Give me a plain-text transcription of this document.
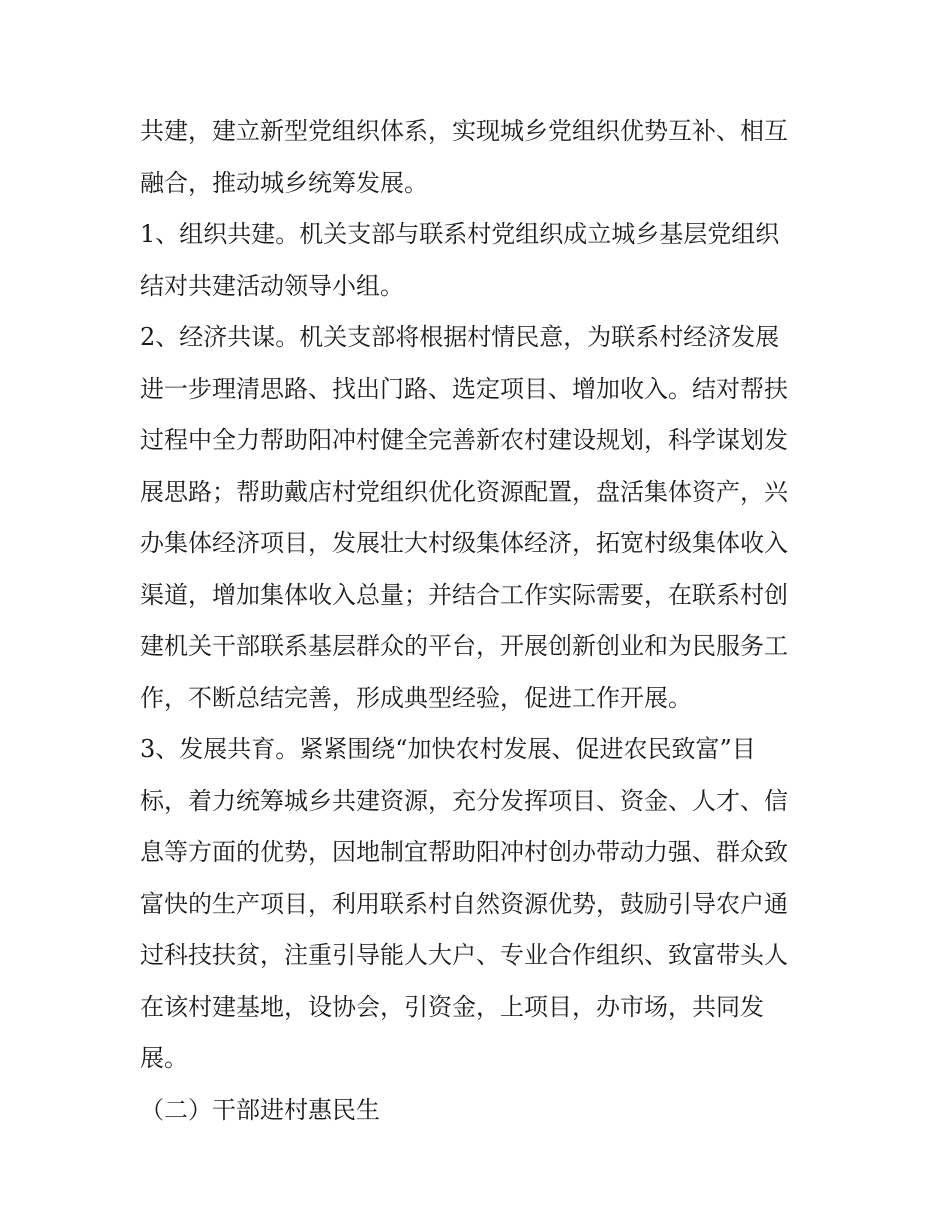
共建，建立新型党组织体系，实现城乡党组织优势互补、相互
融合，推动城乡统筹发展。
1、组织共建。机关支部与联系村党组织成立城乡基层党组织
结对共建活动领导小组。
2、经济共谋。机关支部将根据村情民意，为联系村经济发展
进一步理清思路、找出门路、选定项目、增加收入。结对帮扶
过程中全力帮助阳冲村健全完善新农村建设规划，科学谋划发
展思路；帮助戴店村党组织优化资源配置，盘活集体资产，兴
办集体经济项目，发展壮大村级集体经济，拓宽村级集体收入
渠道，增加集体收入总量；并结合工作实际需要，在联系村创
建机关干部联系基层群众的平台，开展创新创业和为民服务工
作，不断总结完善，形成典型经验，促进工作开展。
3、发展共育。紧紧围绕“加快农村发展、促进农民致富”目
标，着力统筹城乡共建资源，充分发挥项目、资金、人才、信
息等方面的优势，因地制宜帮助阳冲村创办带动力强、群众致
富快的生产项目，利用联系村自然资源优势，鼓励引导农户通
过科技扶贫，注重引导能人大户、专业合作组织、致富带头人
在该村建基地，设协会，引资金，上项目，办市场，共同发
展。
（二）干部进村惠民生
